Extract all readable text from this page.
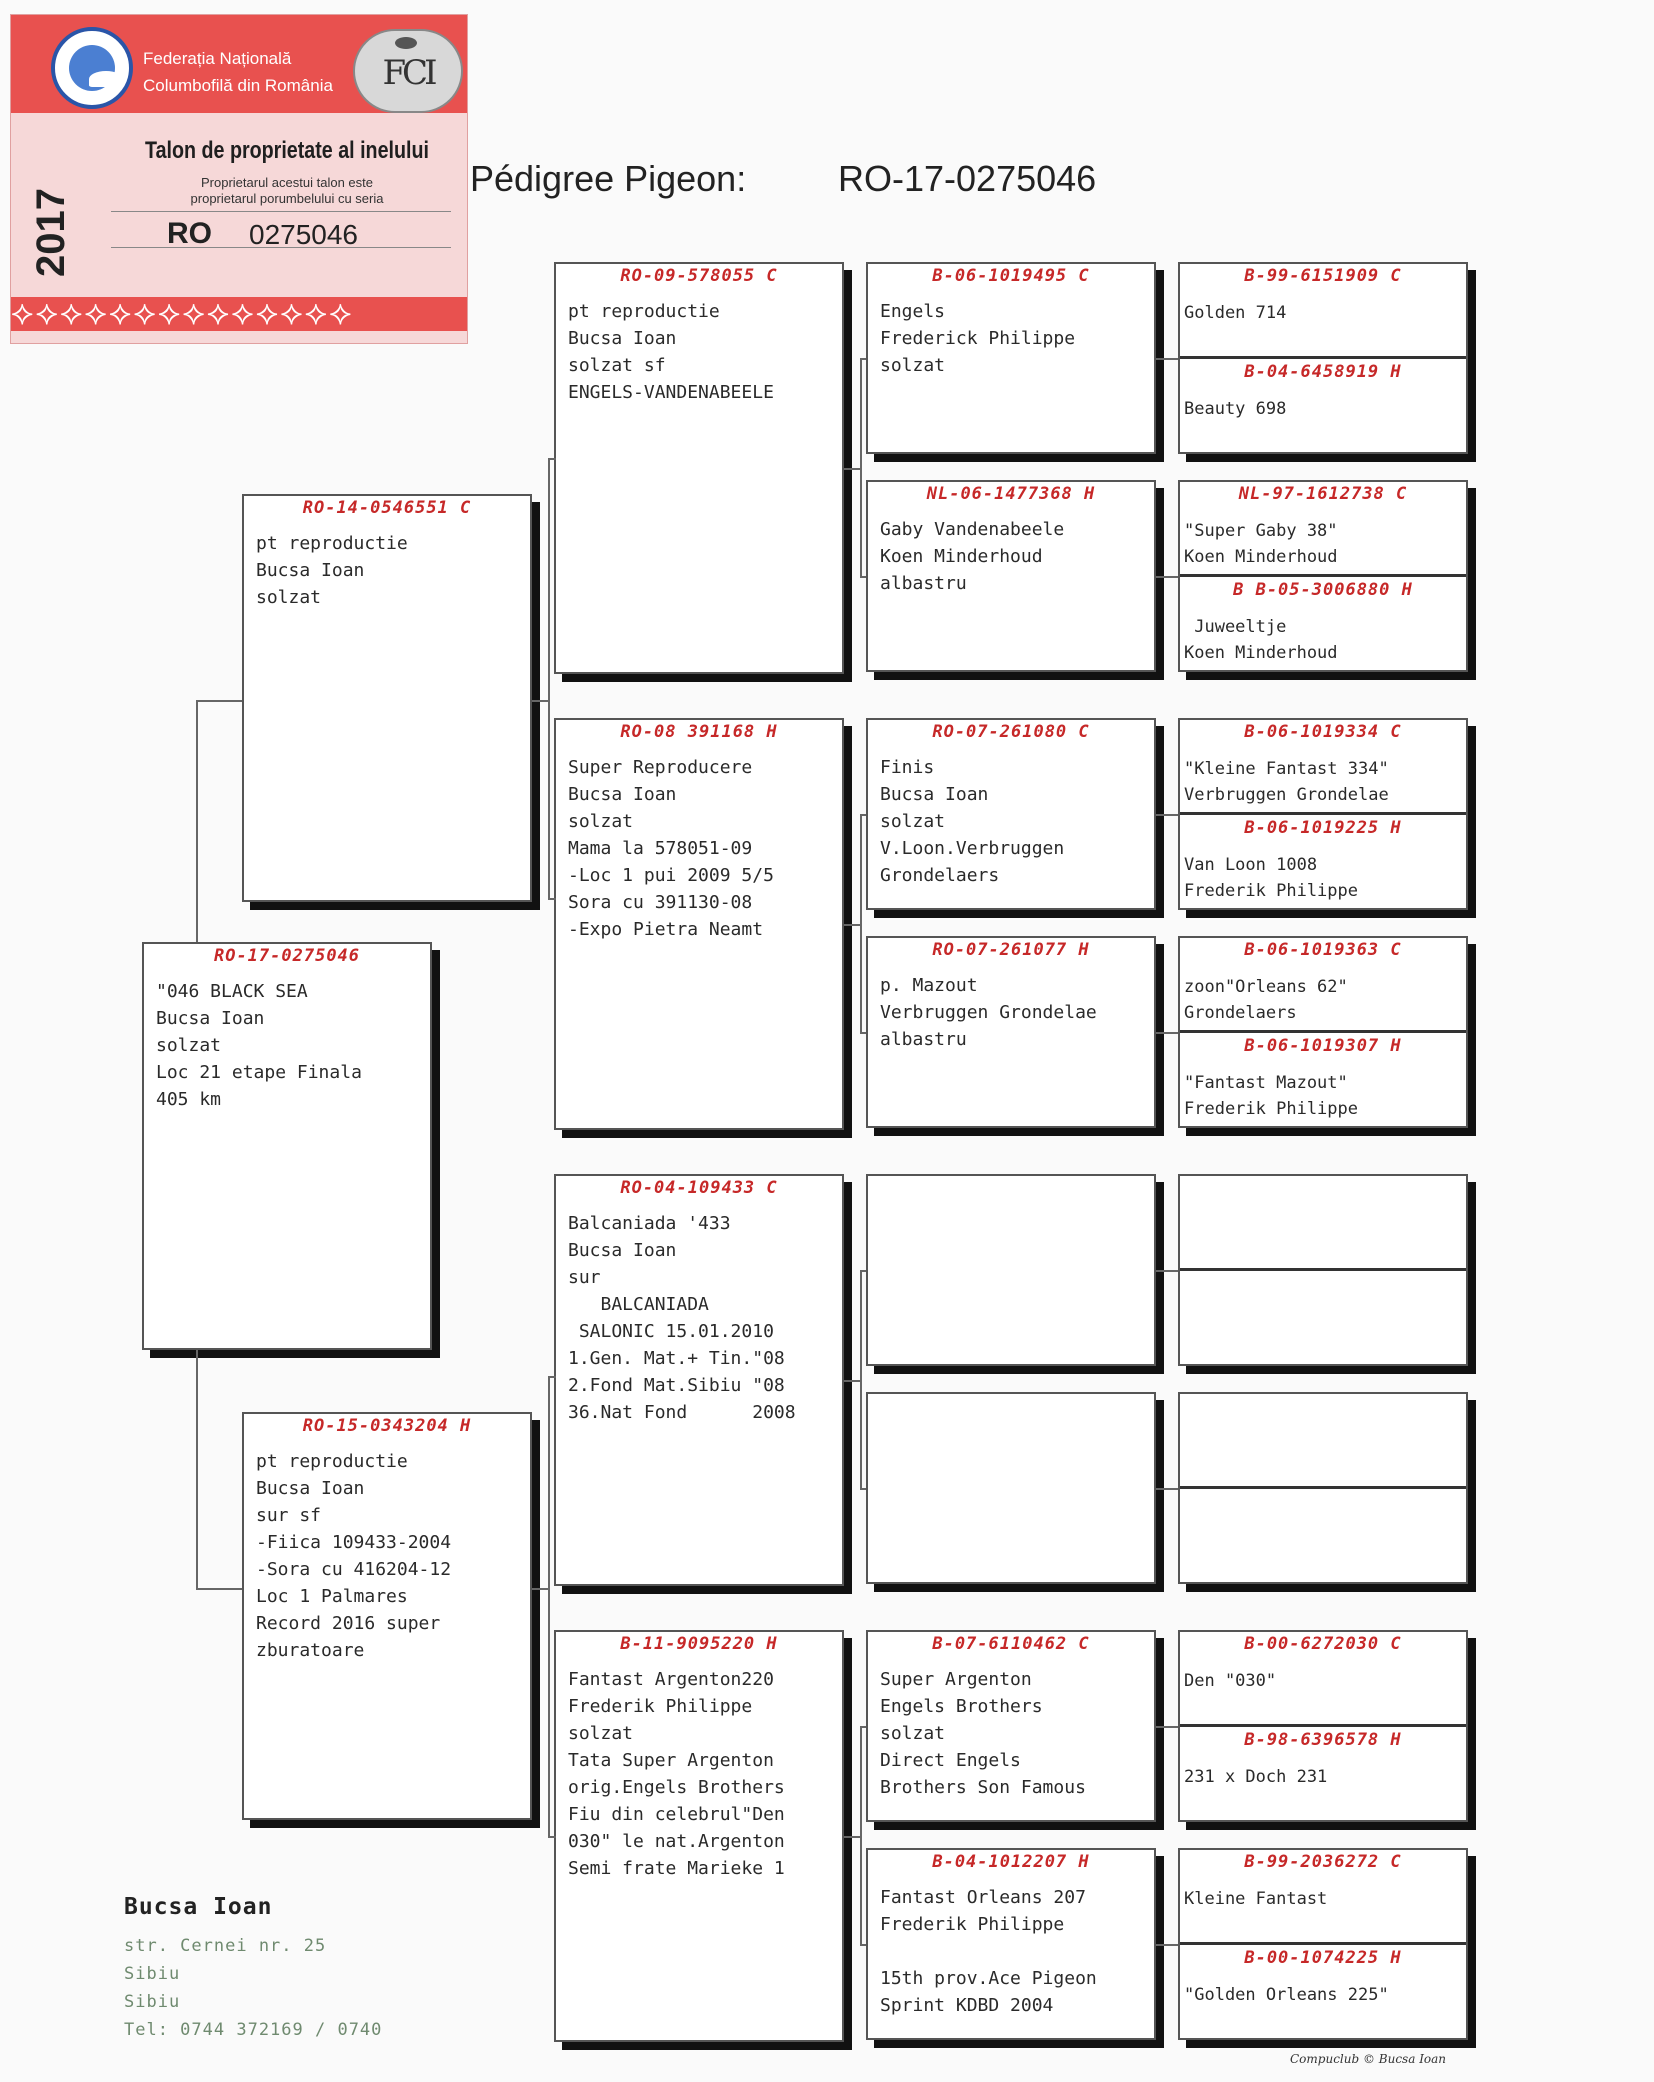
Federația Națională
Columbofilă din România	FCI
2017
Talon de proprietate al inelului
Proprietarul acestui talon este
proprietarul porumbelului cu seria
RO 0275046
⟡⟡⟡⟡⟡⟡⟡⟡⟡⟡⟡⟡⟡⟡
Pédigree Pigeon:	RO-17-0275046
RO-17-0275046
"046 BLACK SEA
Bucsa Ioan
solzat
Loc 21 etape Finala
405 km
RO-14-0546551 C
pt reproductie
Bucsa Ioan
solzat
RO-15-0343204 H
pt reproductie
Bucsa Ioan
sur sf
-Fiica 109433-2004
-Sora cu 416204-12
Loc 1 Palmares
Record 2016 super
zburatoare
RO-09-578055 C
pt reproductie
Bucsa Ioan
solzat sf
ENGELS-VANDENABEELE
RO-08 391168 H
Super Reproducere
Bucsa Ioan
solzat
Mama la 578051-09
-Loc 1 pui 2009 5/5
Sora cu 391130-08
-Expo Pietra Neamt
RO-04-109433 C
Balcaniada '433
Bucsa Ioan
sur
BALCANIADA
SALONIC 15.01.2010
1.Gen. Mat.+ Tin."08
2.Fond Mat.Sibiu "08
36.Nat Fond      2008
B-11-9095220 H
Fantast Argenton220
Frederik Philippe
solzat
Tata Super Argenton
orig.Engels Brothers
Fiu din celebrul"Den
030" le nat.Argenton
Semi frate Marieke 1
B-06-1019495 C
Engels
Frederick Philippe
solzat
NL-06-1477368 H
Gaby Vandenabeele
Koen Minderhoud
albastru
RO-07-261080 C
Finis
Bucsa Ioan
solzat
V.Loon.Verbruggen
Grondelaers
RO-07-261077 H
p. Mazout
Verbruggen Grondelae
albastru
B-07-6110462 C
Super Argenton
Engels Brothers
solzat
Direct Engels
Brothers Son Famous
B-04-1012207 H
Fantast Orleans 207
Frederik Philippe
15th prov.Ace Pigeon
Sprint KDBD 2004
B-99-6151909 C
Golden 714
B-04-6458919 H
Beauty 698
NL-97-1612738 C
"Super Gaby 38"
Koen Minderhoud
B B-05-3006880 H
Juweeltje
Koen Minderhoud
B-06-1019334 C
"Kleine Fantast 334"
Verbruggen Grondelae
B-06-1019225 H
Van Loon 1008
Frederik Philippe
B-06-1019363 C
zoon"Orleans 62"
Grondelaers
B-06-1019307 H
"Fantast Mazout"
Frederik Philippe
B-00-6272030 C
Den "030"
B-98-6396578 H
231 x Doch 231
B-99-2036272 C
Kleine Fantast
B-00-1074225 H
"Golden Orleans 225"
Bucsa Ioan
str. Cernei nr. 25
Sibiu
Sibiu
Tel: 0744 372169 / 0740
Compuclub © Bucsa Ioan
